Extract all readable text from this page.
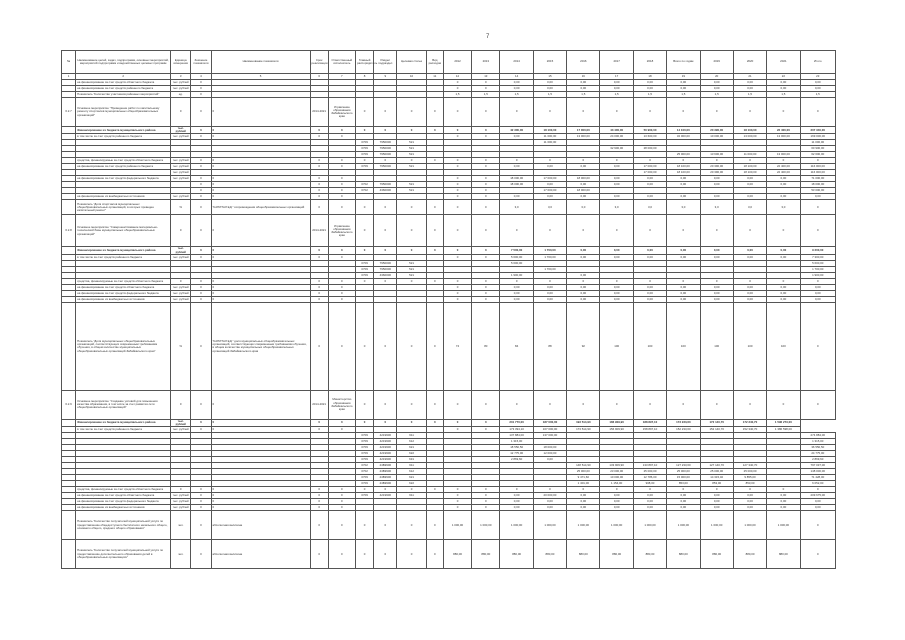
7
№	Наименование целей, задач, подпрограмм, основных мероприятий, мероприятий подпрограмм и ведомственных целевых программ	Единица измерения	Значение показателя	Наименование показателя	Срок реализации	Ответственный исполнитель	Главный распорядитель	Раздел подраздел	Целевая статья	Вид расходов	2012	2013	2014	2015	2016	2017	2018	Всего по годам	2019	2020	2021	Итого
1	2	3	4	5	6	7	8	9	10	11	12	13	14	15	16	17	18	19	20	21	22	23
	на финансирование за счет средств областного бюджета	тыс. рублей	0								0	0	0,00	0,00	0,00	0,00	0,00	0,00	0,00	0,00	0,00	0,00
	на финансирование за счет средств районного бюджета	тыс. рублей	0								0	0	0,00	0,00	0,00	0,00	0,00	0,00	0,00	0,00	0,00	0,00
	Показатель "Количество участников районных мероприятий"	ед.	0								1,5	1,5	1,5	1,5	1,5	1,5	1,5	1,5	1,5	1,5	1,5	1,5
6.2.7	Основное мероприятие "Проведение работ по капитальному ремонту спортзалов муниципальных общеобразовательных организаций"	0	0	0	2014-2021	Управление образования Забайкальского края	0	0	0	0	0	0	0	0	0	0	0	0	0	0	0	0
	Финансирование из бюджета муниципального района	тыс. рублей	0	0	0	0	0	0	0	0	0	0	42 300,00	18 100,00	17 000,00	43 400,00	50 900,00	14 100,00	20 390,00	18 100,00	22 400,00	207 340,00
	в том числе за счет средств районного бюджета	тыс. рублей	0	0	0	0					0	0	0,00	11 000,00	13 000,00	24 000,00	13 600,00	32 000,00	10 000,00	13 000,00	13 000,00	169 000,00
							0709	7950000	521					11 000,00								11 000,00
							0709	7950000	521							32 900,00	28 000,00					60 900,00
							0709	7950000	521									25 000,00	13 600,00	11 000,00	13 000,00	62 600,00
	средства, финансируемые за счет средств областного бюджета	тыс. рублей	0	0	0	0	0	0	0	0	0	0	0	0	0	0	0	0	0	0	0	0
	на финансирование за счет средств районного бюджета	тыс. рублей	0	0	0	0	0709	7950000	521		0	0	0,00	0,00	0,00	0,00	17 000,00	18 100,00	20 390,00	18 100,00	22 400,00	116 000,00
		тыс. рублей															17 000,00	18 100,00	20 390,00	18 100,00	22 400,00	116 000,00
	на финансирование за счет средств федерального бюджета	тыс. рублей	0	0	0	0					0	0	18 000,00	17 000,00	18 000,00	0,00	0,00	0,00	0,00	0,00	0,00	71 000,00
			0	0	0	0	0702	7950000	521		0	0	18 000,00	0,00	0,00	0,00	0,00	0,00	0,00	0,00	0,00	18 000,00
			0	0	0	0	0702	4360000	521		0	0		17 000,00	18 000,00							53 000,00
	на финансирование из внебюджетных источников	тыс. рублей	0	0	0	0					0	0	0,00	0,00	0,00	0,00	0,00	0,00	0,00	0,00	0,00	0,00
	Показатель "Доля спортзалов муниципальных общеобразовательных организаций, в которых проведен капитальный ремонт"	%	0	"КАПИТАЛ ЕД." сопровождения общеобразовательных организаций	0	0	0	0	0	0	0	0	3,0	3,0	3,0	3,0	3,0	3,0	3,0	3,0	3,0	0
6.2.8	Основное мероприятие "Совершенствование материально-технической базы муниципальных общеобразовательных организаций"	0	0	0	2014-2021	Управление образования Забайкальского края	0	0	0	0	0	0	0	0	0	0	0	0	0	0	0	0
	Финансирование из бюджета муниципального района	тыс. рублей	0	0	0	0	0	0	0	0	0	0	7 500,00	1 700,00	0,00	0,00	0,00	0,00	0,00	0,00	0,00	9 200,00
	в том числе за счет средств районного бюджета	тыс. рублей	0	0	0	0					0	0	5 600,00	1 700,00	0,00	0,00	0,00	0,00	0,00	0,00	0,00	7 300,00
							0709	7950000	521				5 600,00									5 600,00
							0709	7950000	521					1 700,00								1 700,00
							0709	4360000	521				1 900,00		0,00							1 900,00
	средства, финансируемые за счет средств областного бюджета	0	0	0	0	0	0	0	0	0	0	0	0	0	0	0	0	0	0	0	0	0
	на финансирование за счет средств областного бюджета	тыс. рублей	0	0	0	0					0	0	0,00	0,00	0,00	0,00	0,00	0,00	0,00	0,00	0,00	0,00
	на финансирование за счет средств федерального бюджета	тыс. рублей	0	0	0	0					0	0	0,00	0,00	0,00	0,00	0,00	0,00	0,00	0,00	0,00	0,00
	на финансирование из внебюджетных источников	тыс. рублей	0	0	0	0					0	0	0,00	0,00	0,00	0,00	0,00	0,00	0,00	0,00	0,00	0,00
	Показатель "Доля муниципальных общеобразовательных организаций, соответствующих современным требованиям обучения, в общем количестве муниципальных общеобразовательных организаций Забайкальского края"	%	0	"КАПИТАЛ ЕД." доля муниципальных общеобразовательных организаций, соответствующих современным требованиям обучения, в общем количестве муниципальных общеобразовательных организаций Забайкальского края	0	0	0	0	0	0	74	80	84	88	92	100	100	100	100	100	100	0
6.2.9	Основное мероприятие "Создание условий для повышения качества образования, в том числе за счет развития сети общеобразовательных организаций"	0	0	0	2014-2021	Министерство образования Забайкальского края	0	0	0	0	0	0	0	0	0	0	0	0	0	0	0	0
	Финансирование из бюджета муниципального района	тыс. рублей	0	0	0	0	0	0	0	0	0	0	201 770,00	187 000,00	193 514,90	186 909,90	188 897,10	173 233,60	172 140,70	172 340,70	1 596 273,00	
	в том числе за счет средств районного бюджета	тыс. рублей	0	0	0	0					0	0	173 394,10	167 000,00	173 514,90	156 909,90	158 897,10	152 233,60	152 140,70	152 340,70	1 386 598,00	
							0709	4219900	611				137 884,00	137 000,00								274 884,00
							0709	4219900	612				1 315,00									1 315,00
							0709	4219900	621				18 550,50	18 000,00								36 550,50
							0709	4219900	622				12 775,00	12 000,00								24 775,00
							0709	4219900	631				2 869,60	0,00								2 869,60
							0702	44Б9900	611						148 514,90	133 909,90	133 897,10	127 233,60	127 140,70	127 340,70		797 037,00
							0702	44Б9900	612						25 000,00	23 000,00	25 000,00	25 000,00	25 000,00	25 000,00		148 000,00
							0709	44Б9900	621						9 471,60	10 000,00	12 786,00	15 000,00	14 315,40	9 855,00		71 428,00
							0709	44Б9900	622						1 401,00	1 154,00	938,00	853,00	853,00	853,00		6 052,00
	средства, финансируемые за счет средств областного бюджета	0	0	0	0	0	0	0	0	0	0	0	0	0	0	0	0	0	0	0	0	0
	на финансирование за счет средств областного бюджета	тыс. рублей	0	0	0	0	0709	4219900	611		0	0	0,00	20 000,00	0,00	0,00	0,00	0,00	0,00	0,00	0,00	209 675,00
	на финансирование за счет средств федерального бюджета	тыс. рублей	0	0	0	0					0	0	0,00	0,00	0,00	0,00	0,00	0,00	0,00	0,00	0,00	0,00
	на финансирование из внебюджетных источников	тыс. рублей	0	0	0	0					0	0	0,00	0,00	0,00	0,00	0,00	0,00	0,00	0,00	0,00	0,00
	Показатель "Количество получателей муниципальной услуги по предоставлению общедоступного бесплатного начального общего, основного общего, среднего общего образования"	чел.	0	абсолютная величина	0	0	0	0	0	0	1 000,00	1 000,00	1 000,00	1 000,00	1 000,00	1 000,00	1 000,00	1 000,00	1 000,00	1 000,00	1 000,00	0
	Показатель "Количество получателей муниципальной услуги по предоставлению дополнительного образования детей в общеобразовательных организациях"	чел.	0	абсолютная величина	0	0	0	0	0	0	880,00	880,00	880,00	880,00	880,00	880,00	880,00	880,00	880,00	880,00	880,00	0
